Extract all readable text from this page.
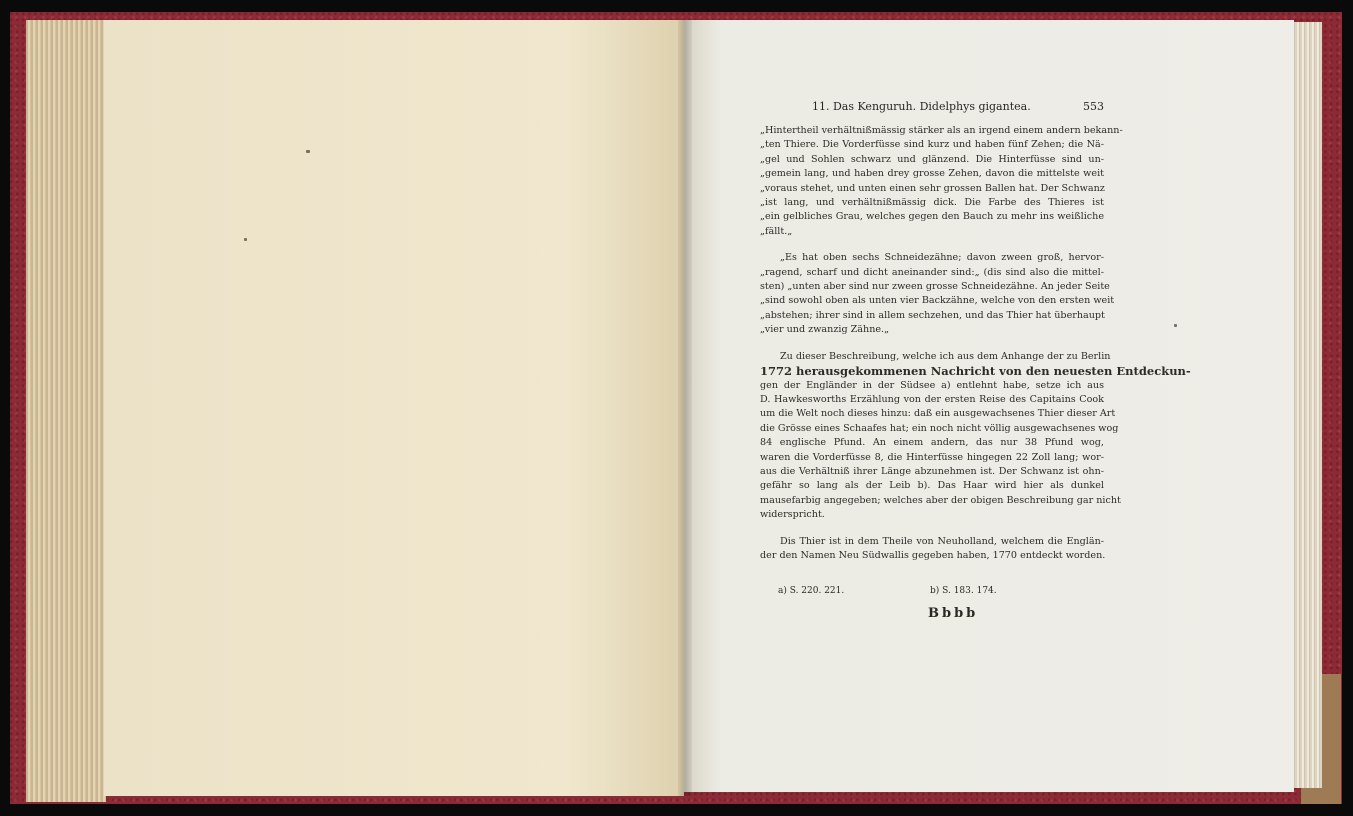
11. Das Kenguruh. Didelphys gigantea.	553
„Hintertheil verhältnißmässig stärker als an irgend einem andern bekann-
„ten Thiere. Die Vorderfüsse sind kurz und haben fünf Zehen; die Nä-
„gel und Sohlen schwarz und glänzend. Die Hinterfüsse sind un-
„gemein lang, und haben drey grosse Zehen, davon die mittelste weit
„voraus stehet, und unten einen sehr grossen Ballen hat. Der Schwanz
„ist lang, und verhältnißmässig dick. Die Farbe des Thieres ist
„ein gelbliches Grau, welches gegen den Bauch zu mehr ins weißliche
„fällt.„
„Es hat oben sechs Schneidezähne; davon zween groß, hervor-
„ragend, scharf und dicht aneinander sind:„ (dis sind also die mittel-
sten) „unten aber sind nur zween grosse Schneidezähne. An jeder Seite
„sind sowohl oben als unten vier Backzähne, welche von den ersten weit
„abstehen; ihrer sind in allem sechzehen, und das Thier hat überhaupt
„vier und zwanzig Zähne.„
Zu dieser Beschreibung, welche ich aus dem Anhange der zu Berlin
1772 herausgekommenen Nachricht von den neuesten Entdeckun-
gen der Engländer in der Südsee a) entlehnt habe, setze ich aus
D. Hawkesworths Erzählung von der ersten Reise des Capitains Cook
um die Welt noch dieses hinzu: daß ein ausgewachsenes Thier dieser Art
die Grösse eines Schaafes hat; ein noch nicht völlig ausgewachsenes wog
84 englische Pfund. An einem andern, das nur 38 Pfund wog,
waren die Vorderfüsse 8, die Hinterfüsse hingegen 22 Zoll lang; wor-
aus die Verhältniß ihrer Länge abzunehmen ist. Der Schwanz ist ohn-
gefähr so lang als der Leib b). Das Haar wird hier als dunkel
mausefarbig angegeben; welches aber der obigen Beschreibung gar nicht
widerspricht.
Dis Thier ist in dem Theile von Neuholland, welchem die Englän-
der den Namen Neu Südwallis gegeben haben, 1770 entdeckt worden.
a) S. 220. 221.	b) S. 183. 174.
Bbbb
